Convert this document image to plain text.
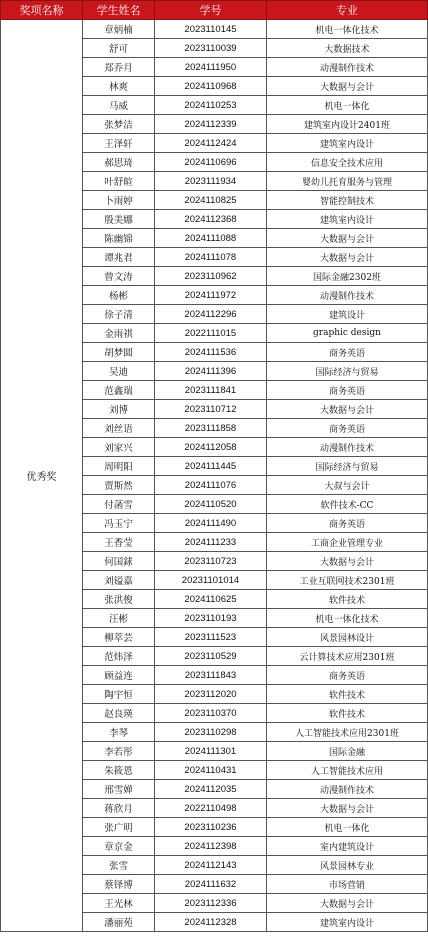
奖项名称	学生姓名	学号	专业
优秀奖	章炳楠	2023110145	机电一体化技术
	舒可	2023110039	大数据技术
	郑乔月	2024111950	动漫制作技术
	林爽	2024110968	大数据与会计
	马威	2024110253	机电一体化
	张梦洁	2024112339	建筑室内设计2401班
	王泽轩	2024112424	建筑室内设计
	郝思琦	2024110696	信息安全技术应用
	叶舒暄	2023111934	婴幼儿托育服务与管理
	卜雨婷	2024110825	智能控制技术
	殷美娜	2024112368	建筑室内设计
	陈幽锦	2024111088	大数据与会计
	谭兆君	2024111078	大数据与会计
	曾文涛	2023110962	国际金融2302班
	杨彬	2024111972	动漫制作技术
	徐子清	2024112296	建筑设计
	金雨祺	2022111015	graphic design
	胡梦圆	2024111536	商务英语
	吴迪	2024111396	国际经济与贸易
	范鑫瑞	2023111841	商务英语
	刘博	2023110712	大数据与会计
	刘丝语	2023111858	商务英语
	刘家兴	2024112058	动漫制作技术
	周明阳	2024111445	国际经济与贸易
	贾斯然	2024111076	大叔与会计
	付菡雪	2024110520	软件技术-CC
	冯玉宁	2024111490	商务英语
	王香莹	2024111233	工商企业管理专业
	何国銶	2023110723	大数据与会计
	刘镒嘉	20231101014	工业互联网技术2301班
	张洪俊	2024110625	软件技术
	汪彬	2023110193	机电一体化技术
	柳萃芸	2023111523	风景园林设计
	范炜泽	2023110529	云计算技术应用2301班
	顾益连	2023111843	商务英语
	陶宇恒	2023112020	软件技术
	赵良瑛	2023110370	软件技术
	李琴	2023110298	人工智能技术应用2301班
	李若彤	2024111301	国际金融
	朱筱恩	2024110431	人工智能技术应用
	邢雪婵	2024112035	动漫制作技术
	蒋欣月	2022110498	大数据与会计
	张广明	2023110236	机电一体化
	章京金	2024112398	室内建筑设计
	张雪	2024112143	风景园林专业
	蔡铎博	2024111632	市场营销
	王光林	2023112336	大数据与会计
	潘丽苑	2024112328	建筑室内设计
